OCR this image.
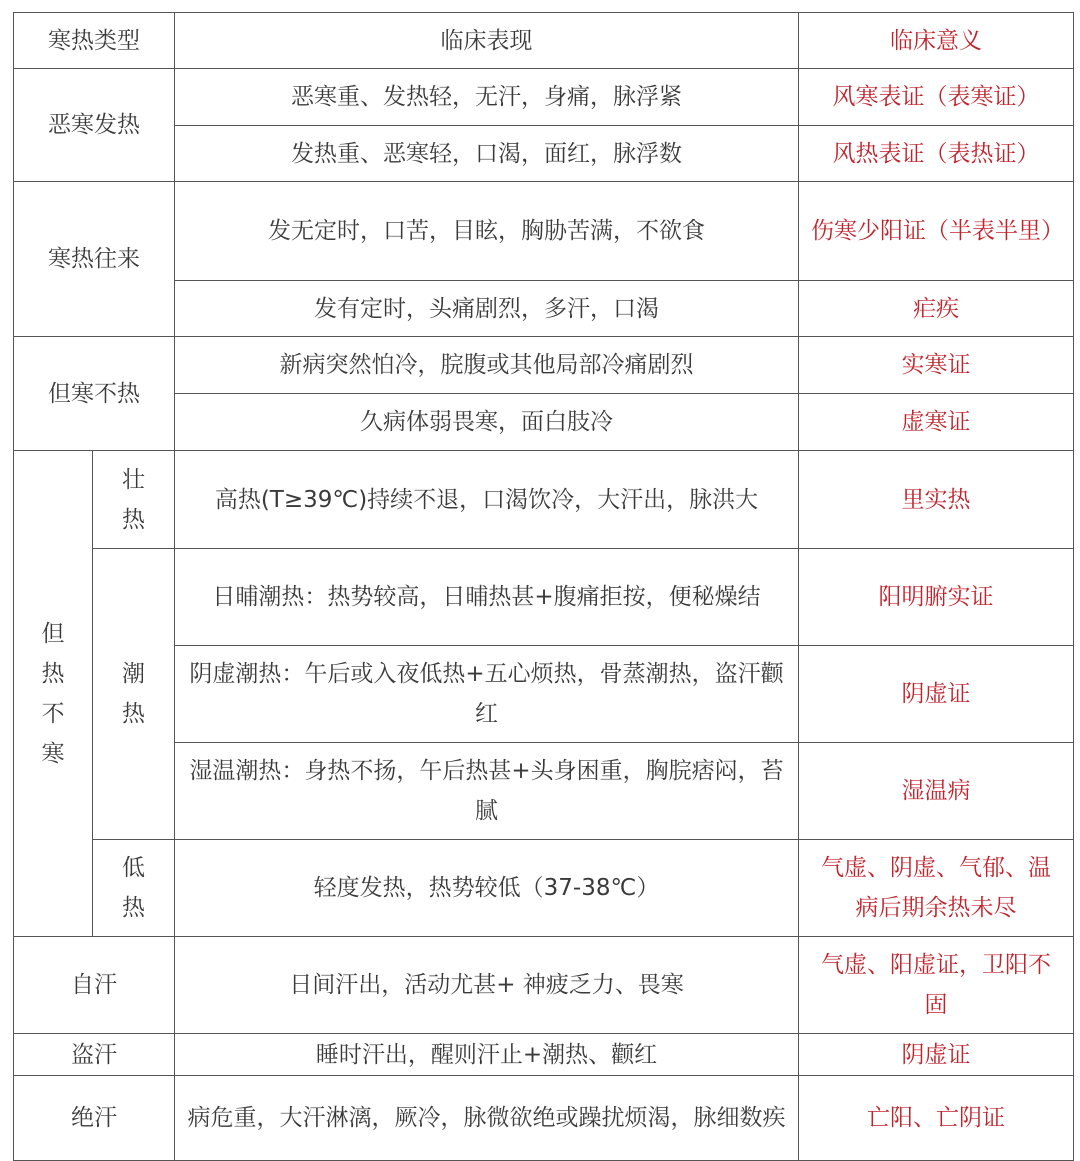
寒热类型		临床表现	临床意义
恶寒发热		恶寒重、发热轻，无汗，身痛，脉浮紧	风寒表证（表寒证）
		发热重、恶寒轻，口渴，面红，脉浮数	风热表证（表热证）
寒热往来		发无定时，口苦，目眩，胸胁苦满，不欲食	伤寒少阳证（半表半里）
		发有定时，头痛剧烈，多汗，口渴	疟疾
但寒不热		新病突然怕冷，脘腹或其他局部冷痛剧烈	实寒证
		久病体弱畏寒，面白肢冷	虚寒证
但热不寒	壮热	高热(T≥39℃)持续不退，口渴饮冷，大汗出，脉洪大	里实热
	潮热	日晡潮热：热势较高，日晡热甚+腹痛拒按，便秘燥结	阳明腑实证
		阴虚潮热：午后或入夜低热+五心烦热，骨蒸潮热，盗汗颧红	阴虚证
		湿温潮热：身热不扬，午后热甚+头身困重，胸脘痞闷，苔腻	湿温病
	低热	轻度发热，热势较低（37-38℃）	气虚、阴虚、气郁、温病后期余热未尽
自汗		日间汗出，活动尤甚+ 神疲乏力、畏寒	气虚、阳虚证，卫阳不固
盗汗		睡时汗出，醒则汗止+潮热、颧红	阴虚证
绝汗		病危重，大汗淋漓，厥冷，脉微欲绝或躁扰烦渴，脉细数疾	亡阳、亡阴证
